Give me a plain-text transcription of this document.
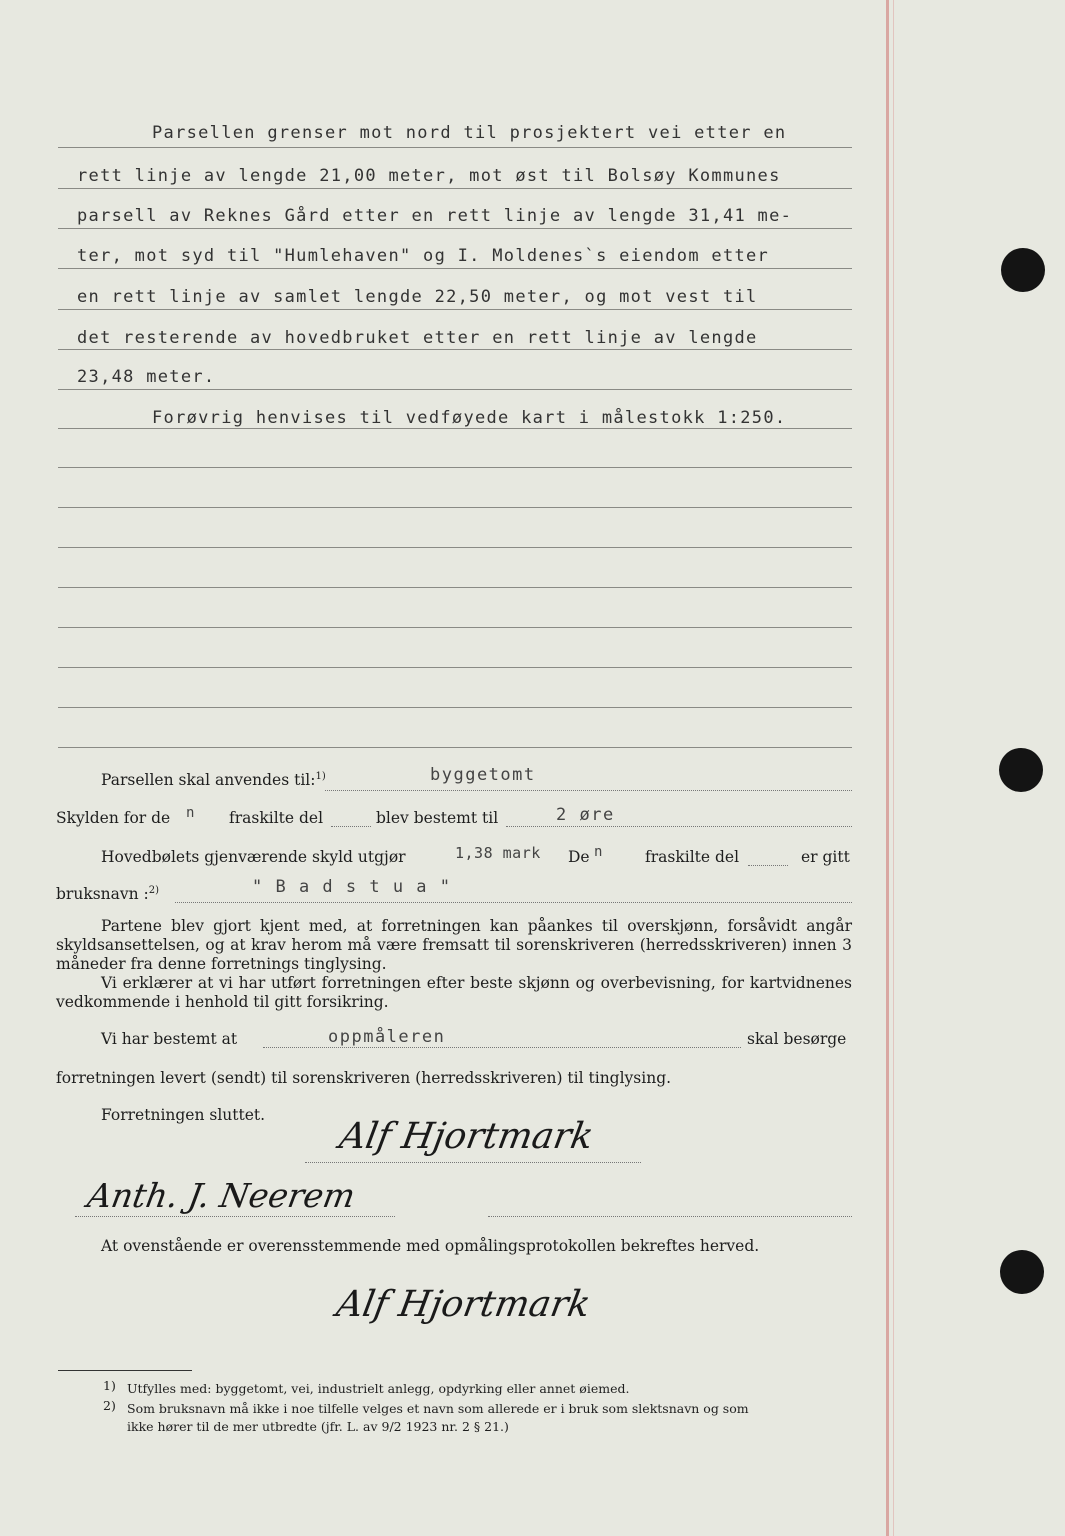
Parsellen grenser mot nord til prosjektert vei etter en
rett linje av lengde 21,00 meter, mot øst til Bolsøy Kommunes
parsell av Reknes Gård etter en rett linje av lengde 31,41 me-
ter, mot syd til "Humlehaven" og I. Moldenes`s eiendom etter
en rett linje av samlet lengde 22,50 meter, og mot vest til
det resterende av hovedbruket etter en rett linje av lengde
23,48 meter.
Forøvrig henvises til vedføyede kart i målestokk 1:250.
Parsellen skal anvendes til:$^{1)}$	byggetomt
Skylden for de n fraskilte del	blev bestemt til	2 øre
Hovedbølets gjenværende skyld utgjør	1,38 mark De n	fraskilte del	er gitt
bruksnavn :$^{2)}$	" B a d s t u a "
Partene blev gjort kjent med, at forretningen kan påankes til overskjønn, forsåvidt angår skyldsansettelsen, og at krav herom må være fremsatt til sorenskriveren (herredsskriveren) innen 3 måneder fra denne forretnings tinglysing.
Vi erklærer at vi har utført forretningen efter beste skjønn og overbevisning, for kartvidnenes vedkommende i henhold til gitt forsikring.
Vi har bestemt at	oppmåleren	skal besørge
forretningen levert (sendt) til sorenskriveren (herredsskriveren) til tinglysing.
Forretningen sluttet.
Alf Hjortmark
Anth. J. Neerem
At ovenstående er overensstemmende med opmålingsprotokollen bekreftes herved.
Alf Hjortmark
1) Utfylles med: byggetomt, vei, industrielt anlegg, opdyrking eller annet øiemed.
2) Som bruksnavn må ikke i noe tilfelle velges et navn som allerede er i bruk som slektsnavn og som
ikke hører til de mer utbredte (jfr. L. av 9/2 1923 nr. 2 § 21.)
